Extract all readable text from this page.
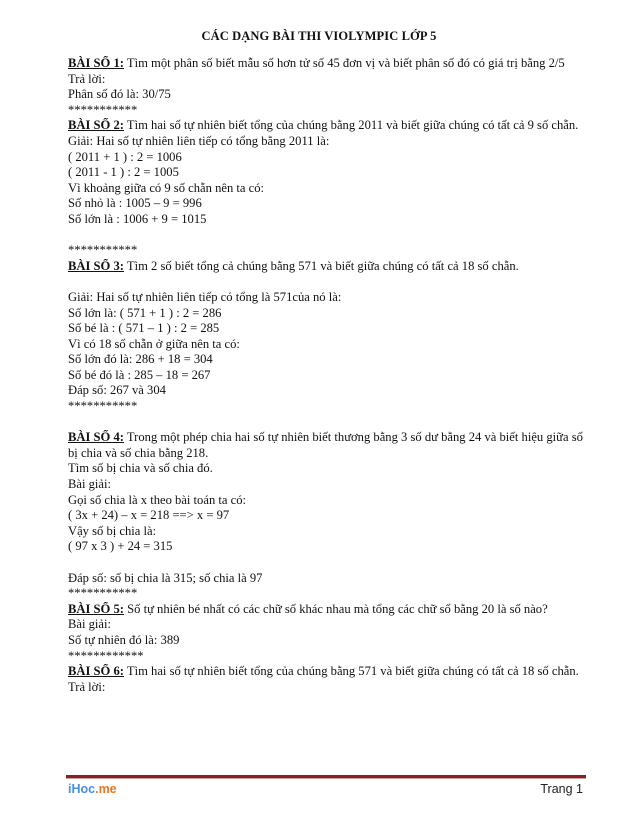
CÁC DẠNG BÀI THI VIOLYMPIC LỚP 5
BÀI SỐ 1: Tìm một phân số biết mẫu số hơn tử số 45 đơn vị và biết phân số đó có giá trị bằng 2/5
Trả lời:
Phân số đó là: 30/75
***********
BÀI SỐ 2: Tìm hai số tự nhiên biết tổng của chúng bằng 2011 và biết giữa chúng có tất cả 9 số chẵn.
Giải: Hai số tự nhiên liên tiếp có tổng bằng 2011 là:
( 2011 + 1 ) : 2 = 1006
( 2011 - 1 ) : 2 = 1005
Vì khoảng giữa có 9 số chẵn nên ta có:
Số nhỏ là : 1005 – 9 = 996
Số lớn là : 1006 + 9 = 1015
***********
BÀI SỐ 3: Tìm 2 số biết tổng cả chúng bằng 571 và biết giữa chúng có tất cả 18 số chẵn.
Giải: Hai số tự nhiên liên tiếp có tổng là 571của nó là:
Số lớn là: ( 571 + 1 ) : 2 = 286
Số bé là : ( 571 – 1 ) : 2 = 285
Vì có 18 số chẵn ở giữa nên ta có:
Số lớn đó là: 286 + 18 = 304
Số bé đó là : 285 – 18 = 267
Đáp số: 267 và 304
***********
BÀI SỐ 4: Trong một phép chia hai số tự nhiên biết thương bằng 3 số dư bằng 24 và biết hiệu giữa số bị chia và số chia bằng 218.
Tìm số bị chia và số chia đó.
Bài giải:
Gọi số chia là x theo bài toán ta có:
( 3x + 24) – x = 218 ==> x = 97
Vậy số bị chia là:
( 97 x 3 ) + 24 = 315
Đáp số: số bị chia là 315; số chia là 97
***********
BÀI SỐ 5: Số tự nhiên bé nhất có các chữ số khác nhau mà tổng các chữ số bằng 20 là số nào?
Bài giải:
Số tự nhiên đó là: 389
************
BÀI SỐ 6: Tìm hai số tự nhiên biết tổng của chúng bằng 571 và biết giữa chúng có tất cả 18 số chẵn.
Trả lời:
iHoc.me	Trang 1
